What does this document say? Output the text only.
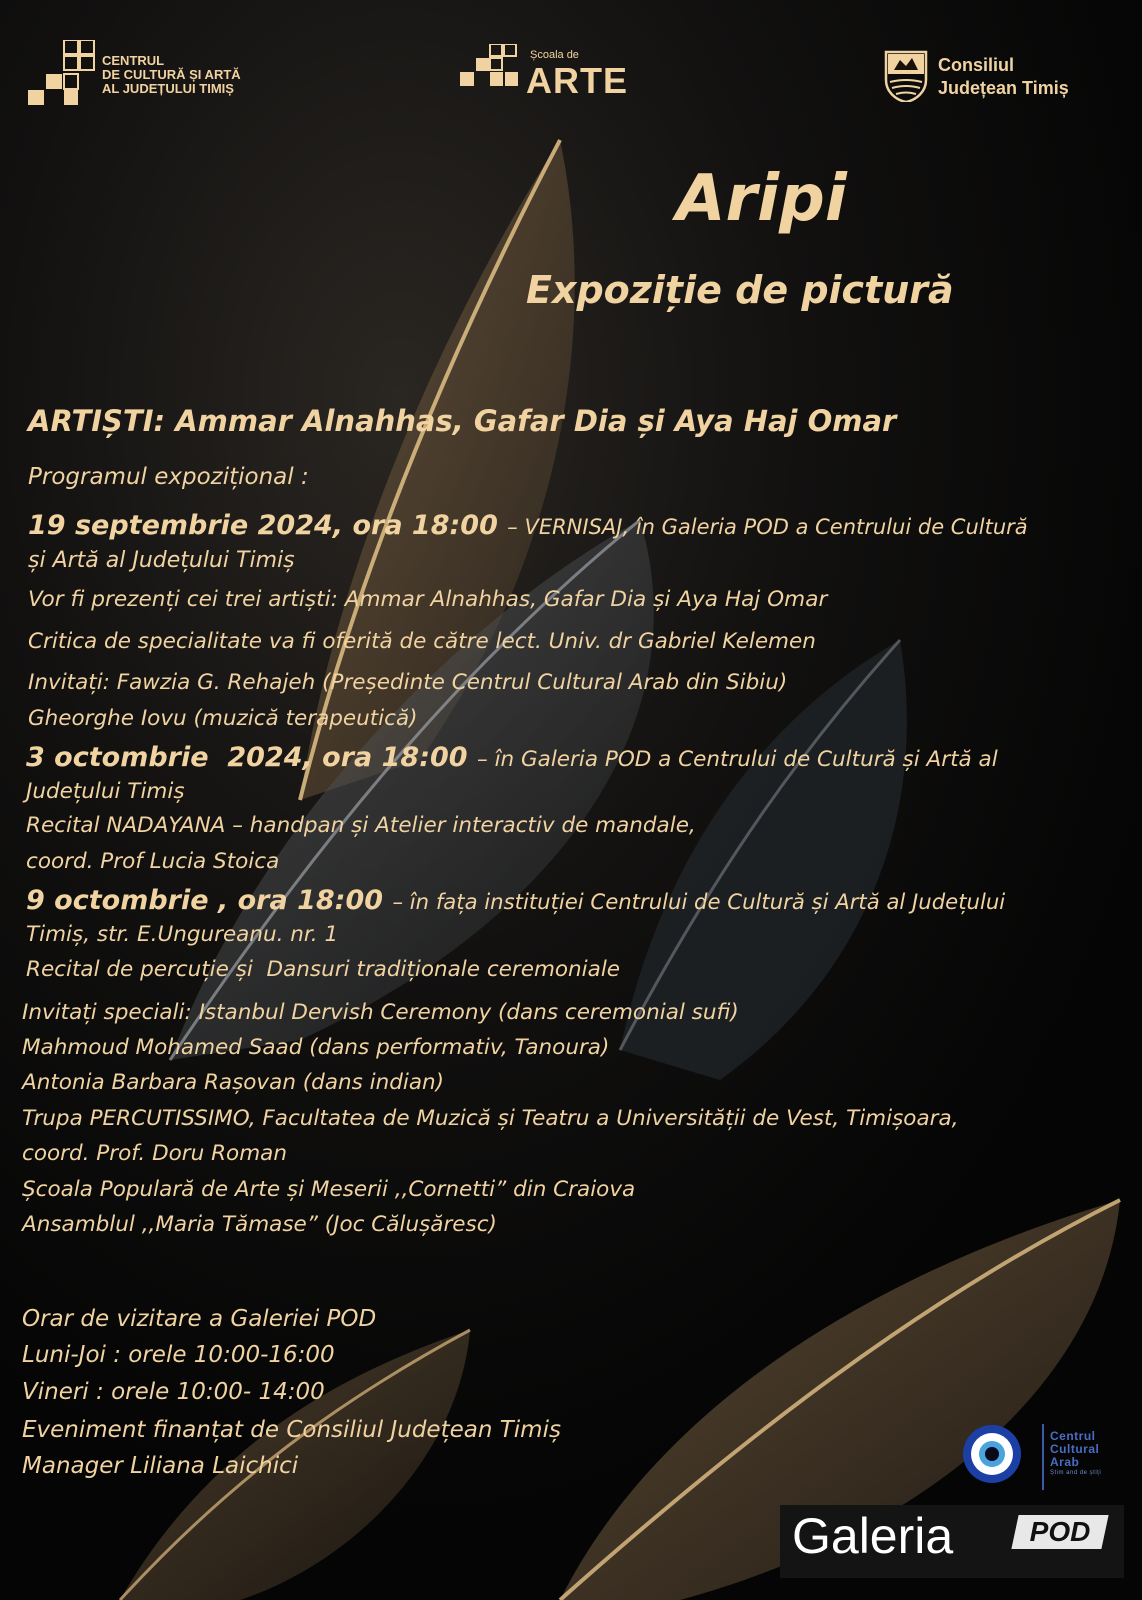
CENTRUL
DE CULTURĂ ȘI ARTĂ
AL JUDEȚULUI TIMIȘ
Școala de
ARTE	Consiliul
Județean Timiș
Aripi
Expoziție de pictură
ARTIȘTI: Ammar Alnahhas, Gafar Dia și Aya Haj Omar
Programul expozițional :
19 septembrie 2024, ora 18:00 – VERNISAJ, în Galeria POD a Centrului de Cultură
și Artă al Județului Timiș
Vor fi prezenți cei trei artiști: Ammar Alnahhas, Gafar Dia și Aya Haj Omar
Critica de specialitate va fi oferită de către lect. Univ. dr Gabriel Kelemen
Invitați: Fawzia G. Rehajeh (Președinte Centrul Cultural Arab din Sibiu)
Gheorghe Iovu (muzică terapeutică)
3 octombrie  2024, ora 18:00 – în Galeria POD a Centrului de Cultură și Artă al
Județului Timiș
Recital NADAYANA – handpan și Atelier interactiv de mandale,
coord. Prof Lucia Stoica
9 octombrie , ora 18:00 – în fața instituției Centrului de Cultură și Artă al Județului
Timiș, str. E.Ungureanu. nr. 1
Recital de percuție și  Dansuri tradiționale ceremoniale
Invitați speciali: Istanbul Dervish Ceremony (dans ceremonial sufi)
Mahmoud Mohamed Saad (dans performativ, Tanoura)
Antonia Barbara Rașovan (dans indian)
Trupa PERCUTISSIMO, Facultatea de Muzică și Teatru a Universității de Vest, Timișoara,
coord. Prof. Doru Roman
Școala Populară de Arte și Meserii ,,Cornetti” din Craiova
Ansamblul ,,Maria Tămase” (Joc Călușăresc)
Orar de vizitare a Galeriei POD
Luni-Joi : orele 10:00-16:00
Vineri : orele 10:00- 14:00
Eveniment finanțat de Consiliul Județean Timiș
Manager Liliana Laichici
Centrul
Cultural
Arab
Știm and de știți
Galeria	POD
